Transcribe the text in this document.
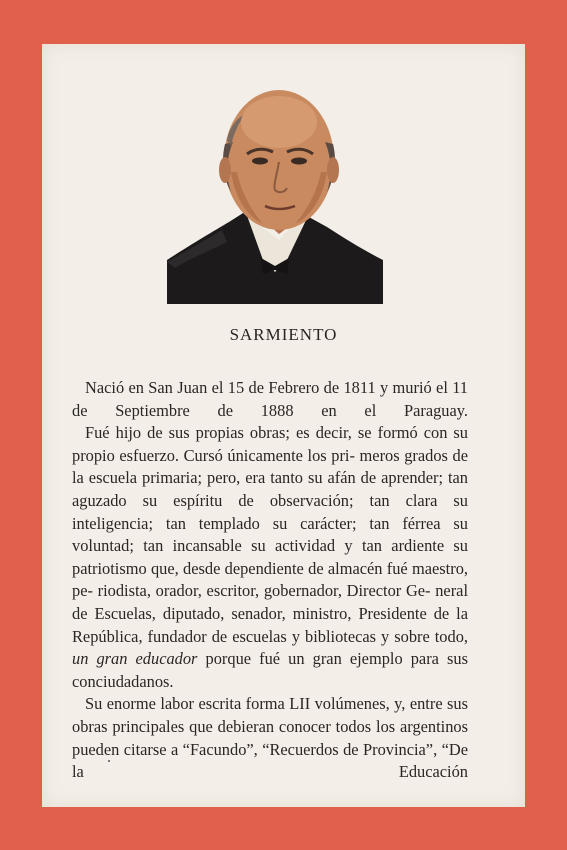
SARMIENTO

Nació en San Juan el 15 de Febrero de 1811 y murió el 11 de Septiembre de 1888 en el Paraguay.

Fué hijo de sus propias obras; es decir, se formó con su propio esfuerzo. Cursó únicamente los pri- meros grados de la escuela primaria; pero, era tanto su afán de aprender; tan aguzado su espíritu de observación; tan clara su inteligencia; tan templado su carácter; tan férrea su voluntad; tan incansable su actividad y tan ardiente su patriotismo que, desde dependiente de almacén fué maestro, pe- riodista, orador, escritor, gobernador, Director Ge- neral de Escuelas, diputado, senador, ministro, Presidente de la República, fundador de escuelas y bibliotecas y sobre todo, un gran educador porque fué un gran ejemplo para sus conciudadanos.

Su enorme labor escrita forma LII volúmenes, y, entre sus obras principales que debieran conocer todos los argentinos pueden citarse a “Facundo”, “Recuerdos de Provincia”, “De la Educación
